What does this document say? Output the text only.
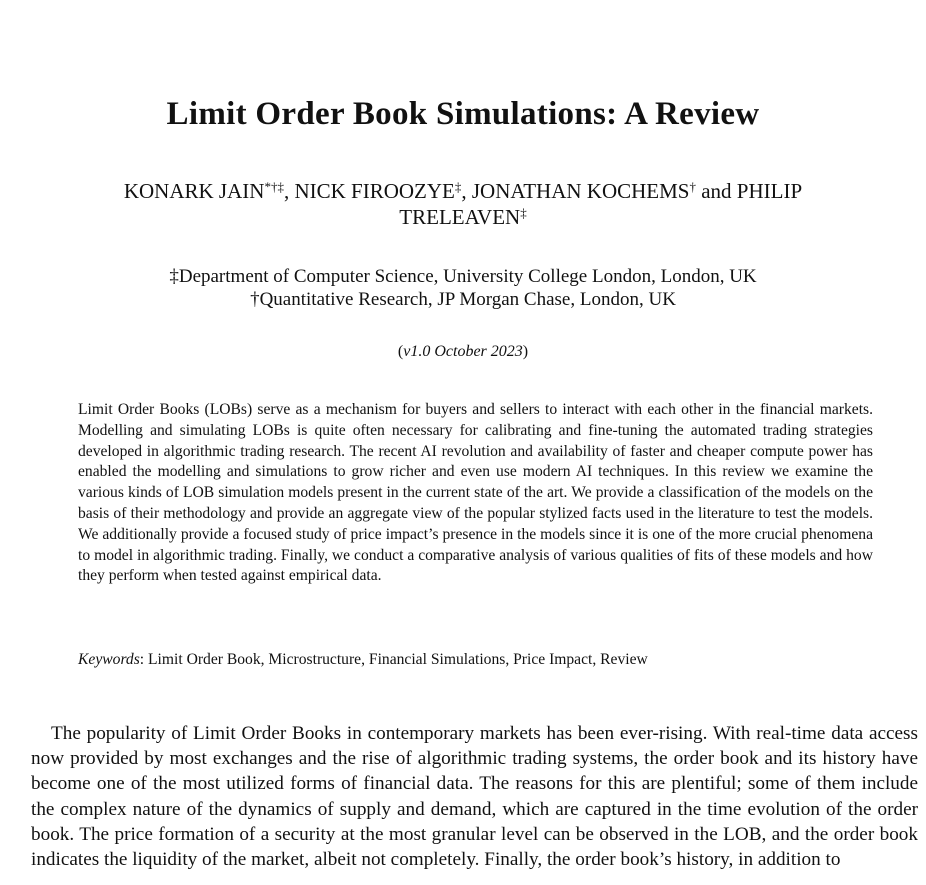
Limit Order Book Simulations: A Review
KONARK JAIN*†‡, NICK FIROOZYE‡, JONATHAN KOCHEMS† and PHILIP TRELEAVEN‡
‡Department of Computer Science, University College London, London, UK
†Quantitative Research, JP Morgan Chase, London, UK
(v1.0 October 2023)

Limit Order Books (LOBs) serve as a mechanism for buyers and sellers to interact with each other in the financial markets. Modelling and simulating LOBs is quite often necessary for calibrating and fine-tuning the automated trading strategies developed in algorithmic trading research. The recent AI revolution and availability of faster and cheaper compute power has enabled the modelling and simulations to grow richer and even use modern AI techniques. In this review we examine the various kinds of LOB simulation models present in the current state of the art. We provide a classification of the models on the basis of their methodology and provide an aggregate view of the popular stylized facts used in the literature to test the models. We additionally provide a focused study of price impact’s presence in the models since it is one of the more crucial phenomena to model in algorithmic trading. Finally, we conduct a comparative analysis of various qualities of fits of these models and how they perform when tested against empirical data.

Keywords: Limit Order Book, Microstructure, Financial Simulations, Price Impact, Review

The popularity of Limit Order Books in contemporary markets has been ever-rising. With real-time data access now provided by most exchanges and the rise of algorithmic trading systems, the order book and its history have become one of the most utilized forms of financial data. The reasons for this are plentiful; some of them include the complex nature of the dynamics of supply and demand, which are captured in the time evolution of the order book. The price formation of a security at the most granular level can be observed in the LOB, and the order book indicates the liquidity of the market, albeit not completely. Finally, the order book’s history, in addition to
